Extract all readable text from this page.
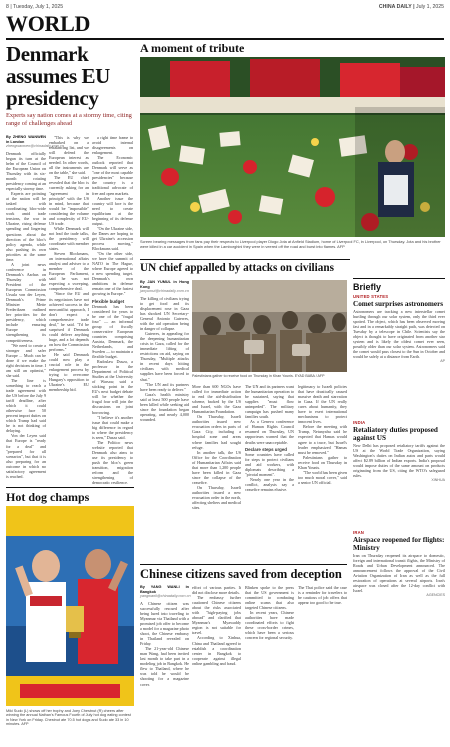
8 | Tuesday, July 1, 2025	CHINA DAILY | July 1, 2025
WORLD
Denmark assumes EU presidency
Experts say nation comes at a stormy time, citing range of challenges ahead
By ZHENG WANWEN in London
zhengwanwen@chinadaily.com.cn

Denmark officially began its turn at the helm of the Council of the European Union on Thursday with its six-month rotating presidency coming at an especially stormy time.

Experts are pointing at the nation will be tasked with coordinating bloc-wide work amid trade tensions, the war in Ukraine, rising defense spending and lingering questions about the direction of the bloc's policy agenda, while also pushing its own priorities at the same time.

A joint news conference in Denmark's Aarhus on Thursday with President of the European Commission Ursula von der Leyen, Denmark's Prime Minister Mette Frederiksen outlined her priorities for the presidency, which include ensuring Europe and strengthening its competitiveness.

"We need to create a stronger and safer Europe ... Much can be done if we make the right decisions in time. I am still an optimist," she said.

The line is something to reach a trade agreement with the US before the July 9 tariff deadline, after which it could otherwise face 50 percent import duties on which Trump had said he is not thinking of delaying.

Von der Leyen said that Europe is "ready for a deal" and "prepared for all scenarios", but that it is also preparing for an outcome in which no satisfactory agreement is reached.

"This is why we embarked on a rebalancing list, and we will defend the European interest as needed. In other words, all the instruments are on the table," she said.

The EU chief revealed that the bloc is currently asking for an "agreement in principle" with the US in mind, because that would be "impossible" considering the volume and complexity of EU-US trade.

While Denmark will not lead the trade talks, the presidency will coordinate with member states.

Steven Blockmans, an international affairs analyst and adviser to a member of the European Parliament, said he was not expecting a sweeping, comprehensive deal.

"Since the EU and its negotiators have not achieved success in the mercantilist approach, I don't expect a comprehensive trade deal," he said. "I'd be surprised if Denmark could deliver anything huge, and a lot depends on how the Commission performs."

He said Denmark could now play a crucial role in the enlargement process by trying to overcome Hungary's opposition to Ukraine's EU membership bid.

a right time frame to avoid internal disagreements on enlargement.

The Economic outlook reported that Denmark will serve as "one of the most capable presidencies" because the country is a traditional advocate of free and open markets.

Another issue the country will face is the need to create equilibrium at the beginning of its defense output.

"On the Ukraine side, the Danes are hoping to get Ukraine's accession process moving," Blockmans said.

"On the other side, we have the summit of NATO in The Hague, where Europe agreed to a new spending target. Denmark's own ambitions in defense remain one of the fastest growing in Europe."

Flexible budget

Denmark has been considered for years to be one of the "frugal four" — an informal group of fiscally conservative European countries comprising Austria, Denmark, the Netherlands, and Sweden — to maintain a flexible budget.

Radoslaw Dusza, a professor in the Department of Political Studies at the University of Warsaw, said a sticking point in the EU's next budget debate will be whether the frugal four will join the discussions on joint borrowing.

"I believe it's another issue that could make a big difference in regard to where the presidency is seen," Dusza said.

The Politico news website reported that Denmark also aims to use its presidency to push the bloc's green transition, migration reform and the strengthening of democratic resilience.

A moment of tribute
Screen bearing messages from fans pay their respects to Liverpool player Diogo Jota at Anfield Stadium, home of Liverpool FC, in Liverpool, on Thursday. Jota and his brother were killed in a car accident in Spain when the Lamborghini they were in veered off the road and burst into flames. AFP
UN chief appalled by attacks on civilians
By JAN YUMUL in Hong Kong
janyumul@chinadaily.com.cn

The killing of civilians trying to get food and its displacement rose in Gaza has shocked UN Secretary-General Antonio Guterres, with the aid operation being in danger of collapse.

Guterres, in appealing for the deepening humanitarian crisis in Gaza, called for the immediate lifting of restrictions on aid, saying on Thursday, "Multiple attacks in recent days hitting civilians with medical supplies have been forced to shut."

"The UN and its partners have been ready to deliver."

Gaza's health ministry said at least 500 people have been killed while seeking aid since the foundation began operating, and nearly 4,000 wounded.

Palestinians gather to receive food on Thursday in Khan Younis. EYAD BABA / AFP

More than 600 NGOs have called for immediate action to end the aid-distribution scheme, backed by the US and Israel, with the Gaza Humanitarian Foundation.

On Thursday, Israeli authorities issued new evacuation orders in parts of Gaza City, including a hospital zone and areas where families had sought refuge.

In another talk, the US Office for the Coordination of Humanitarian Affairs said that more than 1,200 people have been killed in Gaza since the collapse of the ceasefire.

On Thursday, Israeli authorities issued a new evacuation order in the north, affecting shelters and medical sites.

The UN and its partners want the humanitarian operation to be sustained, saying that supplies "must flow unimpeded". The military campaign has pushed many families south.

As a Geneva conference of Human Rights Council resumed on Thursday, UN rapporteurs warned that the deaths were unacceptable.

Declare steps urged

Some countries have called for steps to protect civilians and aid workers, with diplomats describing a "pivotal moment".

Nearly one year in the conflict, analysts say a ceasefire remains elusive.

legitimacy to Israeli policies that have drastically caused massive death and starvation in Gaza. If the UN really cares about humanity, they have to exert international mechanisms to protect innocent lives.

Before the meeting with Trump, Netanyahu said he expected that Hamas would agree to a truce, but Israel's leader emphasized "Hamas must be removed."

Palestinians gather to receive food on Thursday in Khan Younis.

"The world has been given too much moral cover," said a senior UN official.

Briefly
UNITED STATES
Comet surprises astronomers
Astronomers are tracking a new interstellar comet hurtling through our solar system, only the third ever spotted. The object, which has been observed moving fast and in a remarkably straight path, was detected on Tuesday by a telescope in Chile. Scientists say the object is thought to have originated from another star system and is likely the oldest comet ever seen, possibly older than our solar system. Astronomers said the comet would pass closest to the Sun in October and would be safely at a distance from Earth.
AP
INDIA
Retaliatory duties proposed against US
New Delhi has proposed retaliatory tariffs against the US at the World Trade Organization, saying Washington's duties on Indian autos and parts would affect $2.89 billion of Indian exports. India's proposal would impose duties of the same amount on products originating from the US, citing the WTO's safeguard rules.
XINHUA
IRAN
Airspace reopened for flights: Ministry
Iran on Thursday reopened its airspace to domestic, foreign and international transit flights, the Ministry of Roads and Urban Development announced. The announcement follows the approval of the Civil Aviation Organization of Iran as well as the full restoration of operations at several airports. Iran's airspace was closed after the 12-day conflict with Israel.
AGENCIES
Hot dog champs
Miki Sudo (L) shows off her trophy and Joey Chestnut (R) cheers after winning the annual Nathan's Famous Fourth of July hot dog eating contest in New York on Friday. Chestnut ate 70.5 hot dogs and Sudo ate 33 in 10 minutes. AFP
Chinese citizens saved from deception
By YANG WANLI in Bangkok
yangwanli@chinadaily.com.cn

A Chinese citizen was successfully rescued after being lured into traveling to Myanmar via Thailand with a promised job offer to become a model for a magazine photo shoot, the Chinese embassy in Thailand revealed on Friday.

The 21-year-old Chinese man Wang, had been invited last month to take part in a modeling job in Bangkok. He flew to Thailand, where he was told he would be shooting for a magazine cover.

effort of various parties. It did not disclose more details.

The embassy further cautioned Chinese citizens about the risks associated with "high-paying jobs abroad" and clarified that Myanmar's Myawaddy region is not suitable for travel.

According to Xinhua, China and Thailand agreed to establish a coordination center in Bangkok to cooperate against illegal online gambling and fraud.

Blinken spoke to the press that the US government is committed to combating online scams that also targeted Chinese citizens.

In recent years, Chinese authorities have made coordinated efforts to fight these cross-border crimes, which have been a serious concern for regional security.

The Thai police said the case is a reminder for travelers to be cautious of job offers that appear too good to be true.
